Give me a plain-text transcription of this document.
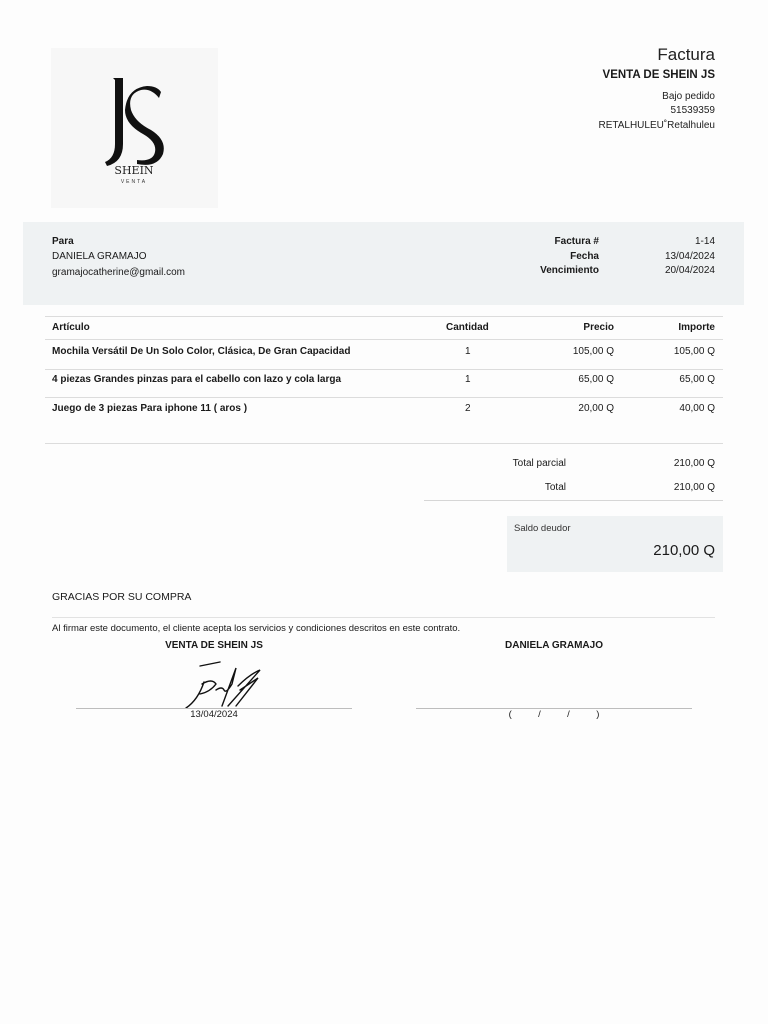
SHEIN
VENTA
Factura
VENTA DE SHEIN JS
Bajo pedido
51539359
RETALHULEU˚Retalhuleu
Para
DANIELA GRAMAJO
gramajocatherine@gmail.com
Factura #	1-14
Fecha	13/04/2024
Vencimiento	20/04/2024
Artículo	Cantidad	Precio	Importe
Mochila Versátil De Un Solo Color, Clásica, De Gran Capacidad	1	105,00 Q	105,00 Q
4 piezas Grandes pinzas para el cabello con lazo y cola larga	1	65,00 Q	65,00 Q
Juego de 3 piezas Para iphone 11 ( aros )	2	20,00 Q	40,00 Q
Total parcial	210,00 Q
Total	210,00 Q
Saldo deudor
210,00 Q
GRACIAS POR SU COMPRA
Al firmar este documento, el cliente acepta los servicios y condiciones descritos en este contrato.
VENTA DE SHEIN JS	DANIELA GRAMAJO
13/04/2024	(          /          /          )
